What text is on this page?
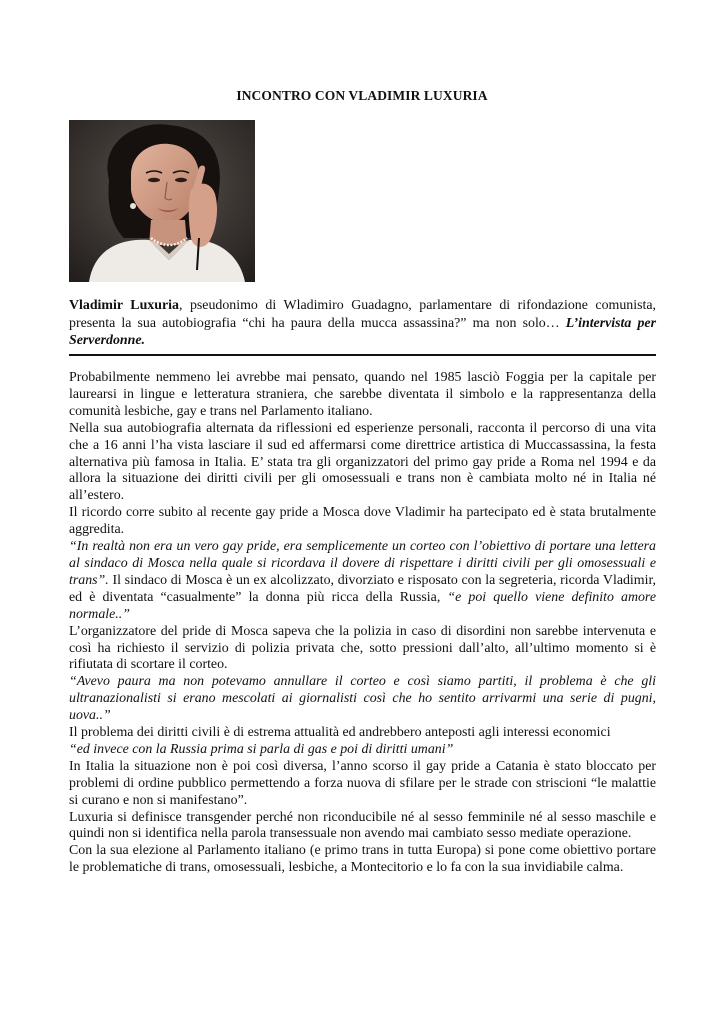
INCONTRO CON VLADIMIR LUXURIA
Vladimir Luxuria, pseudonimo di Wladimiro Guadagno, parlamentare di rifondazione comunista, presenta la sua autobiografia “chi ha paura della mucca assassina?” ma non solo… L’intervista per Serverdonne.

Probabilmente nemmeno lei avrebbe mai pensato, quando nel 1985 lasciò Foggia per la capitale per laurearsi in lingue e letteratura straniera, che sarebbe diventata il simbolo e la rappresentanza della comunità lesbiche, gay e trans nel Parlamento italiano.

Nella sua autobiografia alternata da riflessioni ed esperienze personali, racconta il percorso di una vita che a 16 anni l’ha vista lasciare il sud ed affermarsi come direttrice artistica di Muccassassina, la festa alternativa più famosa in Italia. E’ stata tra gli organizzatori del primo gay pride a Roma nel 1994 e da allora la situazione dei diritti civili per gli omosessuali e trans non è cambiata molto né in Italia né all’estero.

Il ricordo corre subito al recente gay pride a Mosca dove Vladimir ha partecipato ed è stata brutalmente aggredita.

“In realtà non era un vero gay pride, era semplicemente un corteo con l’obiettivo di portare una lettera al sindaco di Mosca nella quale si ricordava il dovere di rispettare i diritti civili per gli omosessuali e trans”. Il sindaco di Mosca è un ex alcolizzato, divorziato e risposato con la segreteria, ricorda Vladimir, ed è diventata “casualmente” la donna più ricca della Russia, “e poi quello viene definito amore normale..”

L’organizzatore del pride di Mosca sapeva che la polizia in caso di disordini non sarebbe intervenuta e così ha richiesto il servizio di polizia privata che, sotto pressioni dall’alto, all’ultimo momento si è rifiutata di scortare il corteo.

“Avevo paura ma non potevamo annullare il corteo e così siamo partiti, il problema è che gli ultranazionalisti si erano mescolati ai giornalisti così che ho sentito arrivarmi una serie di pugni, uova..”

Il problema dei diritti civili è di estrema attualità ed andrebbero anteposti agli interessi economici

“ed invece con la Russia prima si parla di gas e poi di diritti umani”

In Italia la situazione non è poi così diversa, l’anno scorso il gay pride a Catania è stato bloccato per problemi di ordine pubblico permettendo a forza nuova di sfilare per le strade con striscioni “le malattie si curano e non si manifestano”.

Luxuria si definisce transgender perché non riconducibile né al sesso femminile né al sesso maschile e quindi non si identifica nella parola transessuale non avendo mai cambiato sesso mediate operazione.

Con la sua elezione al Parlamento italiano (e primo trans in tutta Europa) si pone come obiettivo portare le problematiche di trans, omosessuali, lesbiche, a Montecitorio e lo fa con la sua invidiabile calma.
